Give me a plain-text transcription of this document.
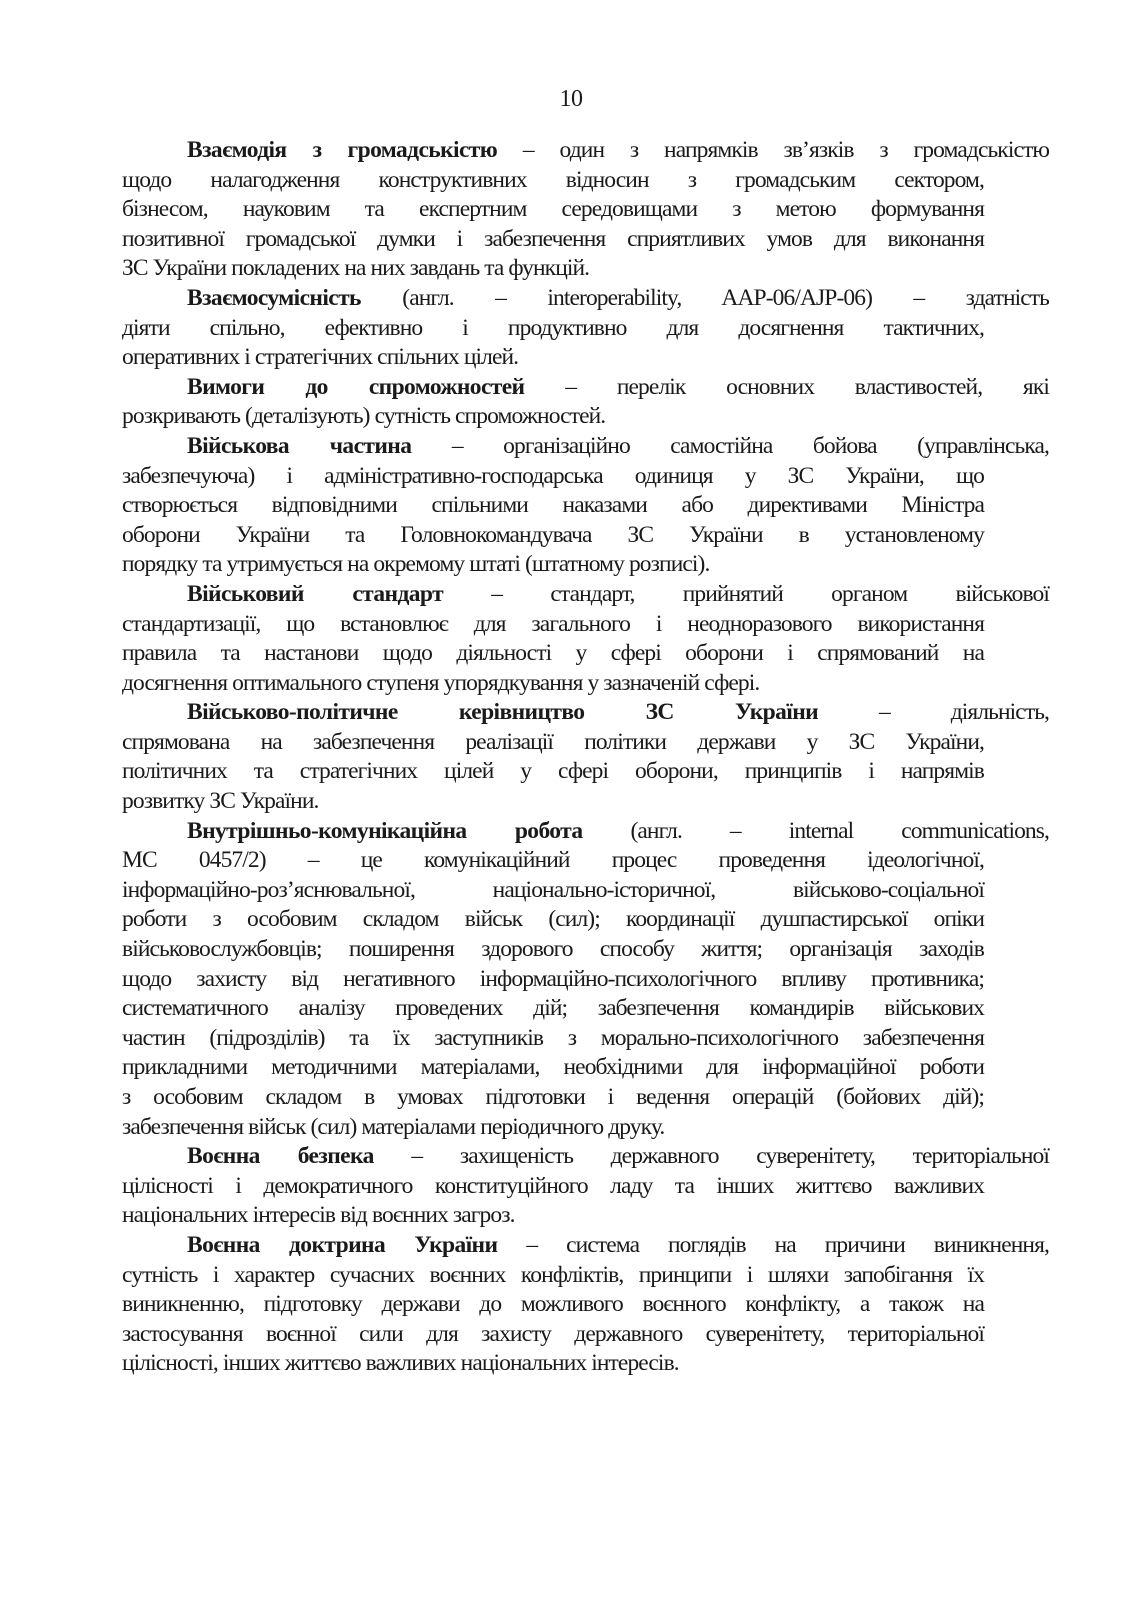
10
Взаємодія з громадськістю – один з напрямків зв’язків з громадськістю
щодо налагодження конструктивних відносин з громадським сектором,
бізнесом, науковим та експертним середовищами з метою формування
позитивної громадської думки і забезпечення сприятливих умов для виконання
ЗС України покладених на них завдань та функцій.
Взаємосумісність (англ. – interoperability, AAP-06/AJP-06) – здатність
діяти спільно, ефективно і продуктивно для досягнення тактичних,
оперативних і стратегічних спільних цілей.
Вимоги до спроможностей – перелік основних властивостей, які
розкривають (деталізують) сутність спроможностей.
Військова частина – організаційно самостійна бойова (управлінська,
забезпечуюча) і адміністративно-господарська одиниця у ЗС України, що
створюється відповідними спільними наказами або директивами Міністра
оборони України та Головнокомандувача ЗС України в установленому
порядку та утримується на окремому штаті (штатному розписі).
Військовий стандарт – стандарт, прийнятий органом військової
стандартизації, що встановлює для загального і неодноразового використання
правила та настанови щодо діяльності у сфері оборони і спрямований на
досягнення оптимального ступеня упорядкування у зазначеній сфері.
Військово-політичне керівництво ЗС України – діяльність,
спрямована на забезпечення реалізації політики держави у ЗС України,
політичних та стратегічних цілей у сфері оборони, принципів і напрямів
розвитку ЗС України.
Внутрішньо-комунікаційна робота (англ. – internal communications,
MC 0457/2) – це комунікаційний процес проведення ідеологічної,
інформаційно-роз’яснювальної, національно-історичної, військово-соціальної
роботи з особовим складом військ (сил); координації душпастирської опіки
військовослужбовців; поширення здорового способу життя; організація заходів
щодо захисту від негативного інформаційно-психологічного впливу противника;
систематичного аналізу проведених дій; забезпечення командирів військових
частин (підрозділів) та їх заступників з морально-психологічного забезпечення
прикладними методичними матеріалами, необхідними для інформаційної роботи
з особовим складом в умовах підготовки і ведення операцій (бойових дій);
забезпечення військ (сил) матеріалами періодичного друку.
Воєнна безпека – захищеність державного суверенітету, територіальної
цілісності і демократичного конституційного ладу та інших життєво важливих
національних інтересів від воєнних загроз.
Воєнна доктрина України – система поглядів на причини виникнення,
сутність і характер сучасних воєнних конфліктів, принципи і шляхи запобігання їх
виникненню, підготовку держави до можливого воєнного конфлікту, а також на
застосування воєнної сили для захисту державного суверенітету, територіальної
цілісності, інших життєво важливих національних інтересів.
